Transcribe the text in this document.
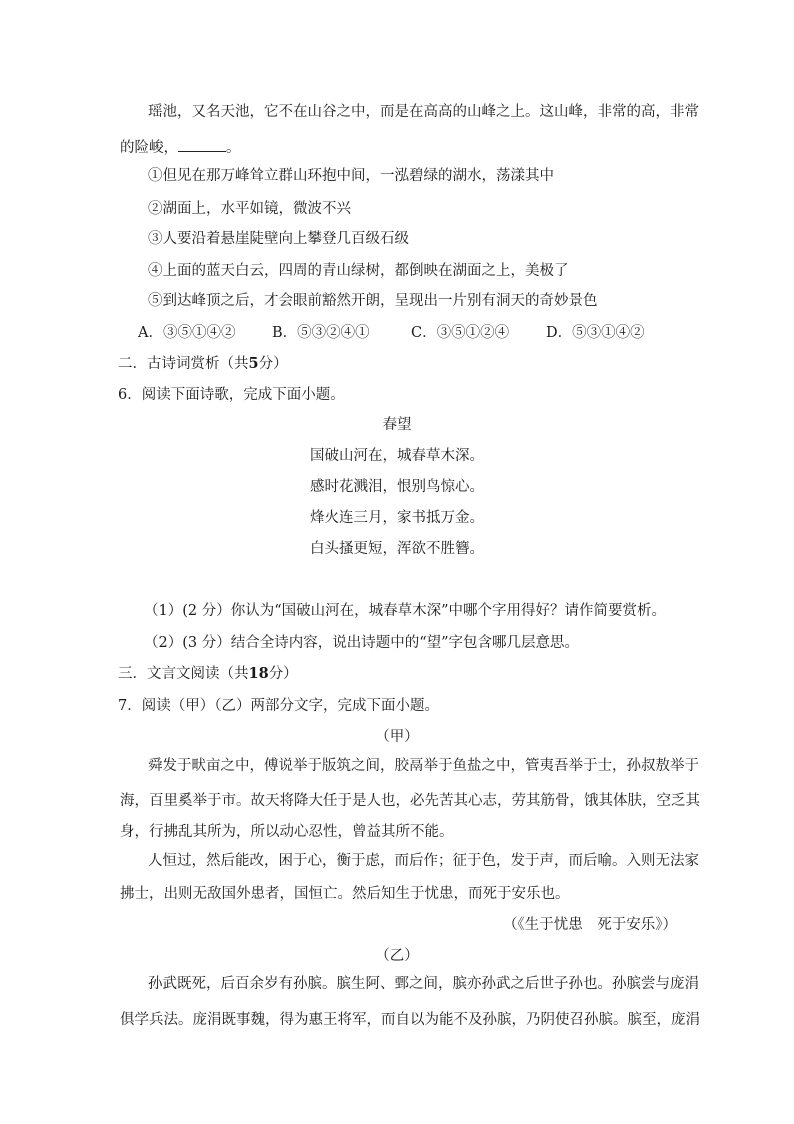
瑶池，又名天池，它不在山谷之中，而是在高高的山峰之上。这山峰，非常的高，非常
的险峻，	。
①但见在那万峰耸立群山环抱中间，一泓碧绿的湖水，荡漾其中
②湖面上，水平如镜，微波不兴
③人要沿着悬崖陡壁向上攀登几百级石级
④上面的蓝天白云，四周的青山绿树，都倒映在湖面之上，美极了
⑤到达峰顶之后，才会眼前豁然开朗，呈现出一片别有洞天的奇妙景色
A．③⑤①④②	B．⑤③②④①	C．③⑤①②④	D．⑤③①④②
二．古诗词赏析（共5分）
6．阅读下面诗歌，完成下面小题。
春望
国破山河在，城春草木深。
感时花溅泪，恨别鸟惊心。
烽火连三月，家书抵万金。
白头搔更短，浑欲不胜簪。
（1）(2 分）你认为“国破山河在，城春草木深”中哪个字用得好？请作简要赏析。
（2）(3 分）结合全诗内容，说出诗题中的“望”字包含哪几层意思。
三．文言文阅读（共18分）
7．阅读（甲）（乙）两部分文字，完成下面小题。
（甲）
舜发于畎亩之中，傅说举于版筑之间，胶鬲举于鱼盐之中，管夷吾举于士，孙叔敖举于
海，百里奚举于市。故天将降大任于是人也，必先苦其心志，劳其筋骨，饿其体肤，空乏其
身，行拂乱其所为，所以动心忍性，曾益其所不能。
人恒过，然后能改，困于心，衡于虑，而后作；征于色，发于声，而后喻。入则无法家
拂士，出则无敌国外患者，国恒亡。然后知生于忧患，而死于安乐也。
（《生于忧患　死于安乐》）
（乙）
孙武既死，后百余岁有孙膑。膑生阿、鄄之间，膑亦孙武之后世子孙也。孙膑尝与庞涓
俱学兵法。庞涓既事魏，得为惠王将军，而自以为能不及孙膑，乃阴使召孙膑。膑至，庞涓
